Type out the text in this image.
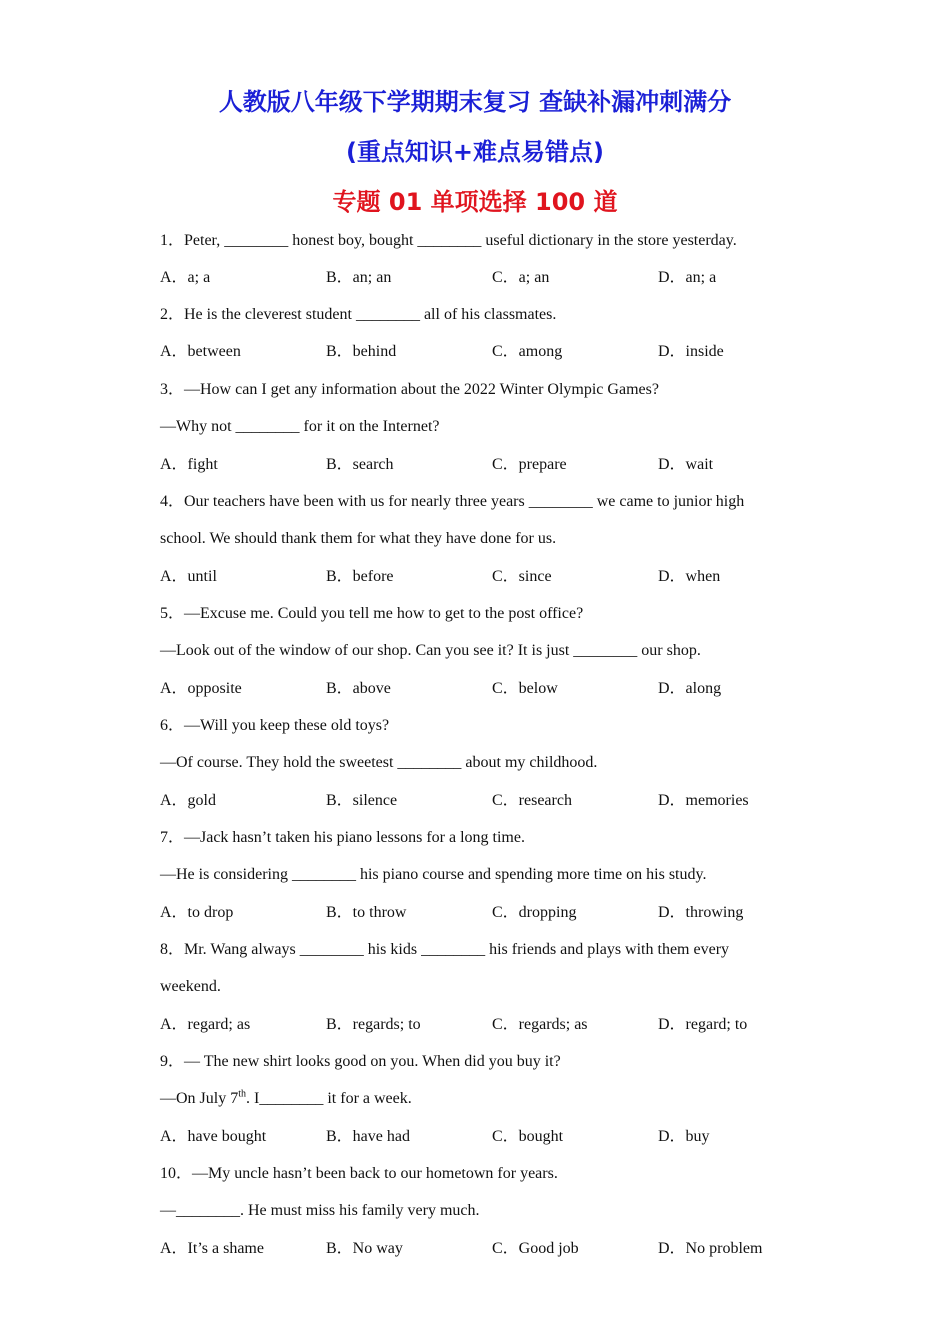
人教版八年级下学期期末复习 查缺补漏冲刺满分
(重点知识+难点易错点)
专题 01 单项选择 100 道
1．Peter, ________ honest boy, bought ________ useful dictionary in the store yesterday.
A．a; a	B．an; an	C．a; an	D．an; a
2．He is the cleverest student ________ all of his classmates.
A．between	B．behind	C．among	D．inside
3．—How can I get any information about the 2022 Winter Olympic Games?
—Why not ________ for it on the Internet?
A．fight	B．search	C．prepare	D．wait
4．Our teachers have been with us for nearly three years ________ we came to junior high
school. We should thank them for what they have done for us.
A．until	B．before	C．since	D．when
5．—Excuse me. Could you tell me how to get to the post office?
—Look out of the window of our shop. Can you see it? It is just ________ our shop.
A．opposite	B．above	C．below	D．along
6．—Will you keep these old toys?
—Of course. They hold the sweetest ________ about my childhood.
A．gold	B．silence	C．research	D．memories
7．—Jack hasn’t taken his piano lessons for a long time.
—He is considering ________ his piano course and spending more time on his study.
A．to drop	B．to throw	C．dropping	D．throwing
8．Mr. Wang always ________ his kids ________ his friends and plays with them every
weekend.
A．regard; as	B．regards; to	C．regards; as	D．regard; to
9．— The new shirt looks good on you. When did you buy it?
—On July 7th. I________ it for a week.
A．have bought	B．have had	C．bought	D．buy
10．—My uncle hasn’t been back to our hometown for years.
—________. He must miss his family very much.
A．It’s a shame	B．No way	C．Good job	D．No problem
